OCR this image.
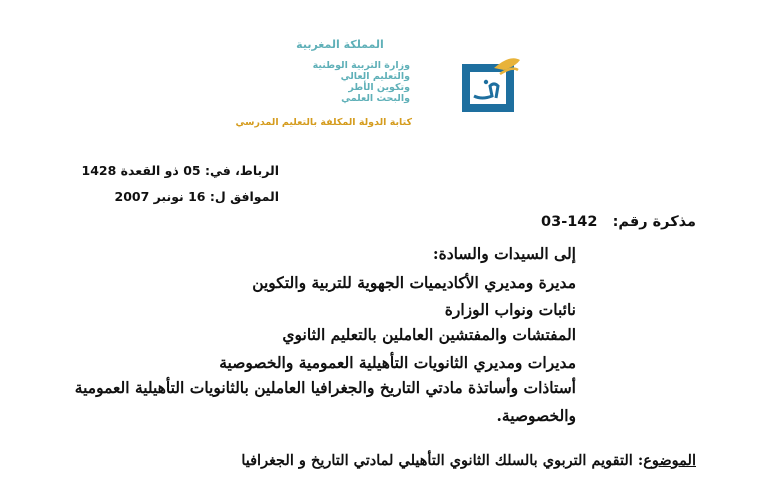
المملكة المغربية
وزارة التربية الوطنية
والتعليم العالي
وتكوين الأطر
والبحث العلمي
كتابة الدولة المكلفة بالتعليم المدرسي
الرباط، في: 05 ذو القعدة 1428
الموافق ل: 16 نونبر 2007
مذكرة رقم: 142-03
إلى السيدات والسادة:
مديرة ومديري الأكاديميات الجهوية للتربية والتكوين
نائبات ونواب الوزارة
المفتشات والمفتشين العاملين بالتعليم الثانوي
مديرات ومديري الثانويات التأهيلية العمومية والخصوصية
أستاذات وأساتذة مادتي التاريخ والجغرافيا العاملين بالثانويات التأهيلية العمومية
والخصوصية.
الموضوع: التقويم التربوي بالسلك الثانوي التأهيلي لمادتي التاريخ و الجغرافيا
